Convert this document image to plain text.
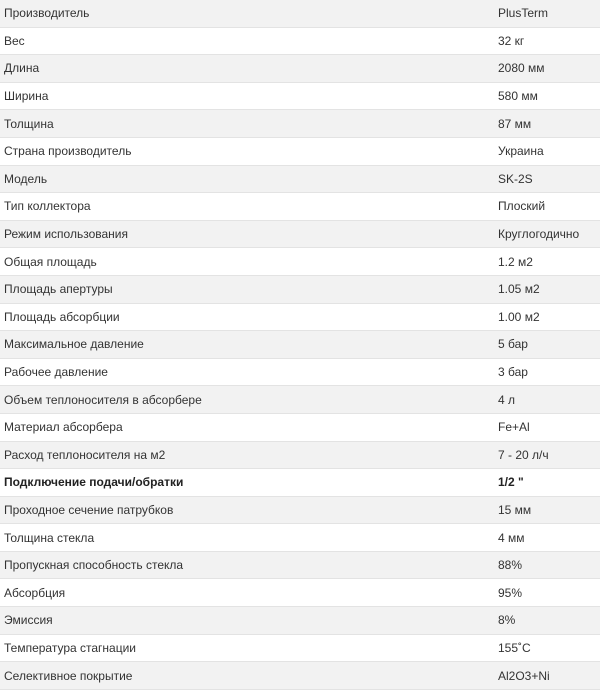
Производитель	PlusTerm
Вес	32 кг
Длина	2080 мм
Ширина	580 мм
Толщина	87 мм
Страна производитель	Украина
Модель	SK-2S
Тип коллектора	Плоский
Режим использования	Круглогодично
Общая площадь	1.2 м2
Площадь апертуры	1.05 м2
Площадь абсорбции	1.00 м2
Максимальное давление	5 бар
Рабочее давление	3 бар
Объем теплоносителя в абсорбере	4 л
Материал абсорбера	Fe+Al
Расход теплоносителя на м2	7 - 20 л/ч
Подключение подачи/обратки	1/2 "
Проходное сечение патрубков	15 мм
Толщина стекла	4 мм
Пропускная способность стекла	88%
Абсорбция	95%
Эмиссия	8%
Температура стагнации	155˚C
Селективное покрытие	Al2O3+Ni
